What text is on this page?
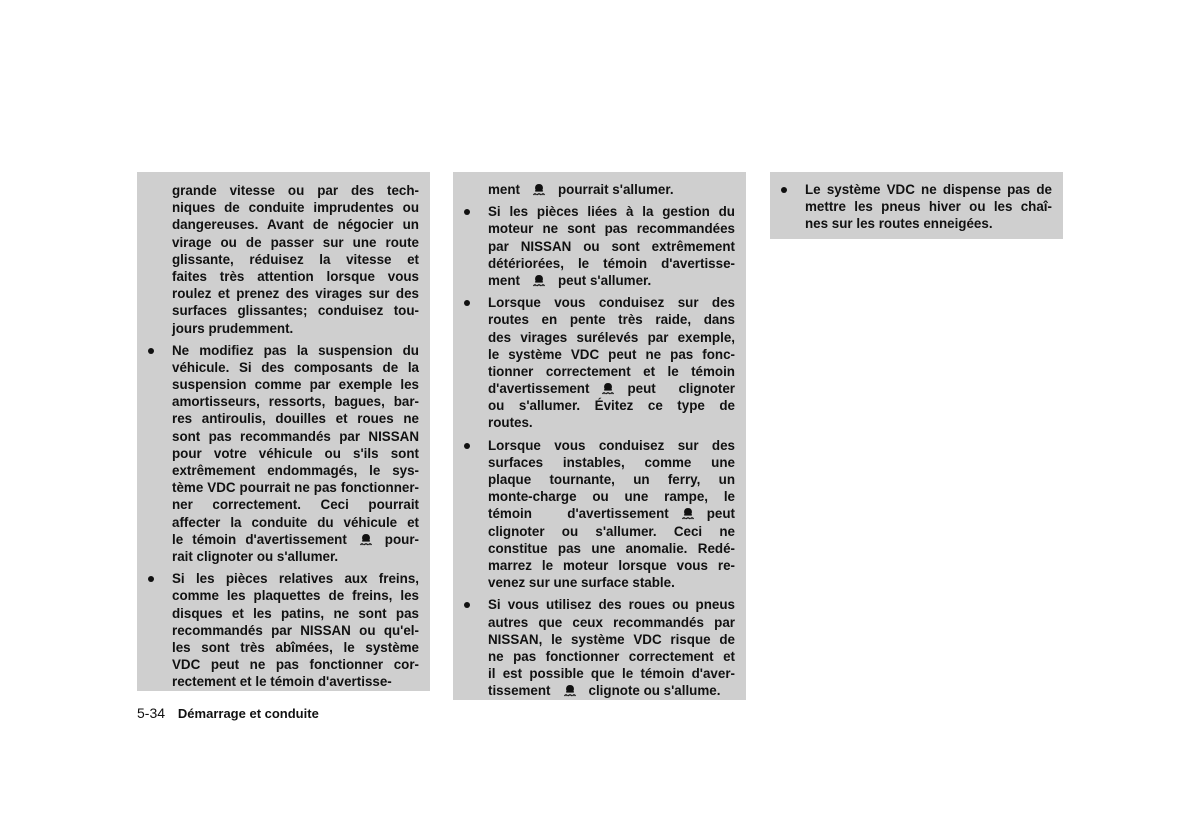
grande vitesse ou par des tech-
niques de conduite imprudentes ou
dangereuses. Avant de négocier un
virage ou de passer sur une route
glissante, réduisez la vitesse et
faites très attention lorsque vous
roulez et prenez des virages sur des
surfaces glissantes; conduisez tou-
jours prudemment.
Ne modifiez pas la suspension du
véhicule. Si des composants de la
suspension comme par exemple les
amortisseurs, ressorts, bagues, bar-
res antiroulis, douilles et roues ne
sont pas recommandés par NISSAN
pour votre véhicule ou s'ils sont
extrêmement endommagés, le sys-
tème VDC pourrait ne pas fonctionner-
ner correctement. Ceci pourrait
affecter la conduite du véhicule et
le témoin d'avertissement	pour-
rait clignoter ou s'allumer.
Si les pièces relatives aux freins,
comme les plaquettes de freins, les
disques et les patins, ne sont pas
recommandés par NISSAN ou qu'el-
les sont très abîmées, le système
VDC peut ne pas fonctionner cor-
rectement et le témoin d'avertisse-
ment	pourrait s'allumer.
Si les pièces liées à la gestion du
moteur ne sont pas recommandées
par NISSAN ou sont extrêmement
détériorées, le témoin d'avertisse-
ment	peut s'allumer.
Lorsque vous conduisez sur des
routes en pente très raide, dans
des virages surélevés par exemple,
le système VDC peut ne pas fonc-
tionner correctement et le témoin
d'avertissement	peut clignoter
ou s'allumer. Évitez ce type de
routes.
Lorsque vous conduisez sur des
surfaces instables, comme une
plaque tournante, un ferry, un
monte-charge ou une rampe, le
témoin d'avertissement	peut
clignoter ou s'allumer. Ceci ne
constitue pas une anomalie. Redé-
marrez le moteur lorsque vous re-
venez sur une surface stable.
Si vous utilisez des roues ou pneus
autres que ceux recommandés par
NISSAN, le système VDC risque de
ne pas fonctionner correctement et
il est possible que le témoin d'aver-
tissement	clignote ou s'allume.
Le système VDC ne dispense pas de
mettre les pneus hiver ou les chaî-
nes sur les routes enneigées.
5-34 Démarrage et conduite
